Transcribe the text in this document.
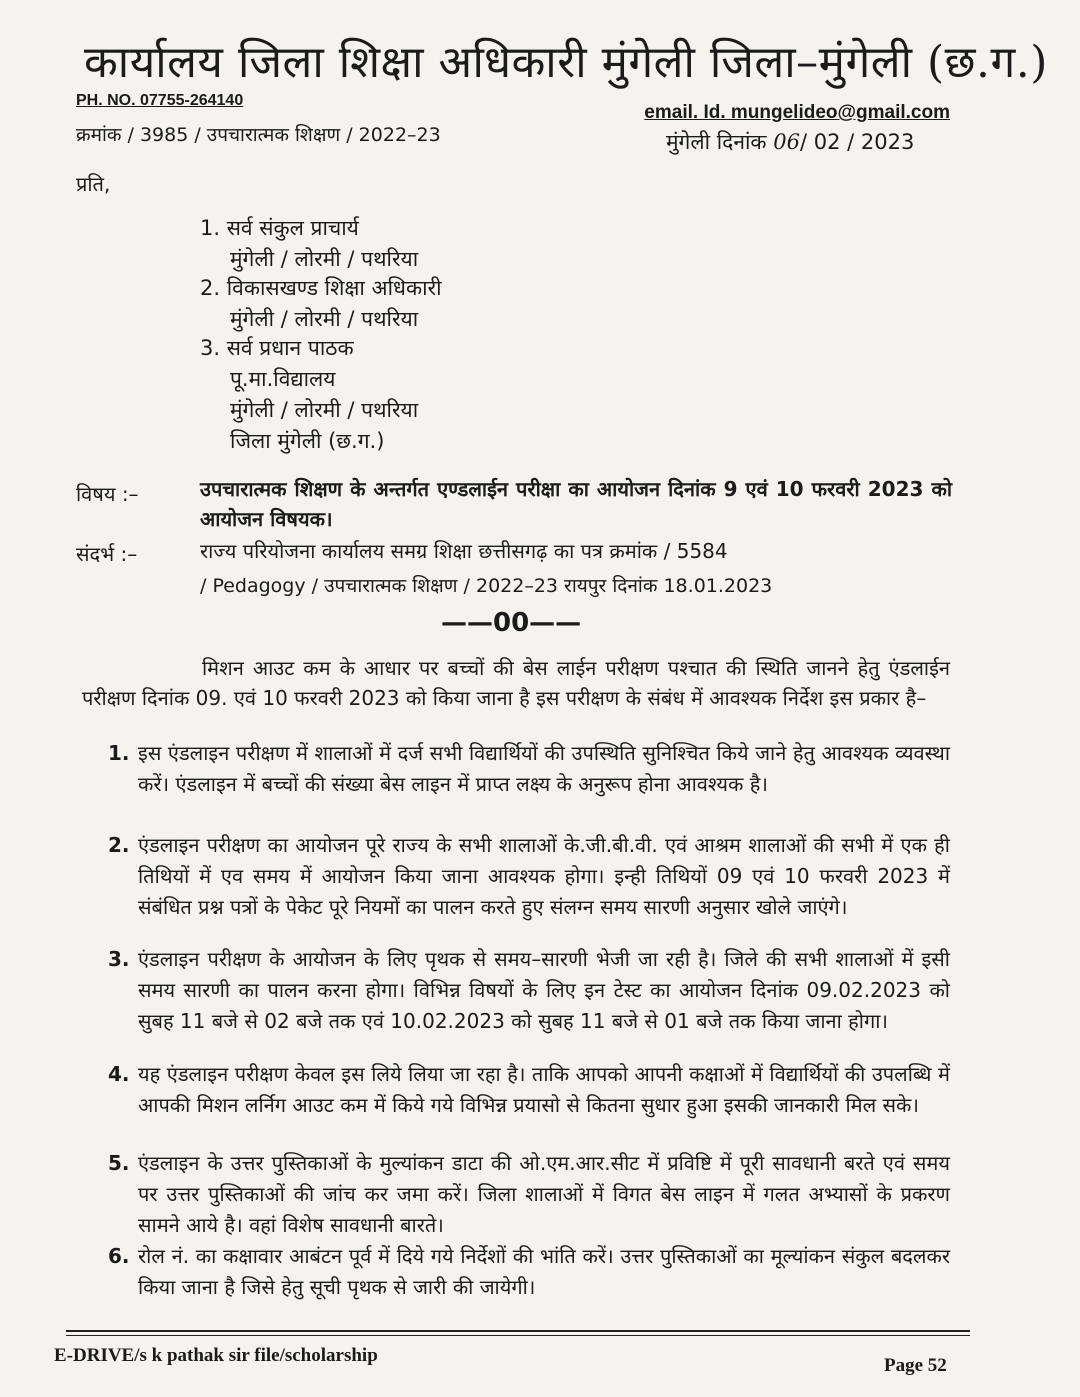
कार्यालय जिला शिक्षा अधिकारी मुंगेली जिला–मुंगेली (छ.ग.)
PH. NO. 07755-264140
email. Id. mungelideo@gmail.com
क्रमांक / 3985 / उपचारात्मक शिक्षण / 2022–23	मुंगेली दिनांक 06/ 02 / 2023
प्रति,
1. सर्व संकुल प्राचार्य
मुंगेली / लोरमी / पथरिया
2. विकासखण्ड शिक्षा अधिकारी
मुंगेली / लोरमी / पथरिया
3. सर्व प्रधान पाठक
पू.मा.विद्यालय
मुंगेली / लोरमी / पथरिया
जिला मुंगेली (छ.ग.)
विषय :–	उपचारात्मक शिक्षण के अन्तर्गत एण्डलाईन परीक्षा का आयोजन दिनांक 9 एवं 10 फरवरी 2023 को आयोजन विषयक।
संदर्भ :–	राज्य परियोजना कार्यालय समग्र शिक्षा छत्तीसगढ़ का पत्र क्रमांक / 5584
/ Pedagogy / उपचारात्मक शिक्षण / 2022–23 रायपुर दिनांक 18.01.2023
——00——
मिशन आउट कम के आधार पर बच्चों की बेस लाईन परीक्षण पश्चात की स्थिति जानने हेतु एंडलाईन परीक्षण दिनांक 09. एवं 10 फरवरी 2023 को किया जाना है इस परीक्षण के संबंध में आवश्यक निर्देश इस प्रकार है–
1. इस एंडलाइन परीक्षण में शालाओं में दर्ज सभी विद्यार्थियों की उपस्थिति सुनिश्चित किये जाने हेतु आवश्यक व्यवस्था करें। एंडलाइन में बच्चों की संख्या बेस लाइन में प्राप्त लक्ष्य के अनुरूप होना आवश्यक है।
2. एंडलाइन परीक्षण का आयोजन पूरे राज्य के सभी शालाओं के.जी.बी.वी. एवं आश्रम शालाओं की सभी में एक ही तिथियों में एव समय में आयोजन किया जाना आवश्यक होगा। इन्ही तिथियों 09 एवं 10 फरवरी 2023 में संबंधित प्रश्न पत्रों के पेकेट पूरे नियमों का पालन करते हुए संलग्न समय सारणी अनुसार खोले जाएंगे।
3. एंडलाइन परीक्षण के आयोजन के लिए पृथक से समय–सारणी भेजी जा रही है। जिले की सभी शालाओं में इसी समय सारणी का पालन करना होगा। विभिन्न विषयों के लिए इन टेस्ट का आयोजन दिनांक 09.02.2023 को सुबह 11 बजे से 02 बजे तक एवं 10.02.2023 को सुबह 11 बजे से 01 बजे तक किया जाना होगा।
4. यह एंडलाइन परीक्षण केवल इस लिये लिया जा रहा है। ताकि आपको आपनी कक्षाओं में विद्यार्थियों की उपलब्धि में आपकी मिशन लर्निग आउट कम में किये गये विभिन्न प्रयासो से कितना सुधार हुआ इसकी जानकारी मिल सके।
5. एंडलाइन के उत्तर पुस्तिकाओं के मुल्यांकन डाटा की ओ.एम.आर.सीट में प्रविष्टि में पूरी सावधानी बरते एवं समय पर उत्तर पुस्तिकाओं की जांच कर जमा करें। जिला शालाओं में विगत बेस लाइन में गलत अभ्यासों के प्रकरण सामने आये है। वहां विशेष सावधानी बारते।
6. रोल नं. का कक्षावार आबंटन पूर्व में दिये गये निर्देशों की भांति करें। उत्तर पुस्तिकाओं का मूल्यांकन संकुल बदलकर किया जाना है जिसे हेतु सूची पृथक से जारी की जायेगी।
E-DRIVE/s k pathak sir file/scholarship	Page 52
